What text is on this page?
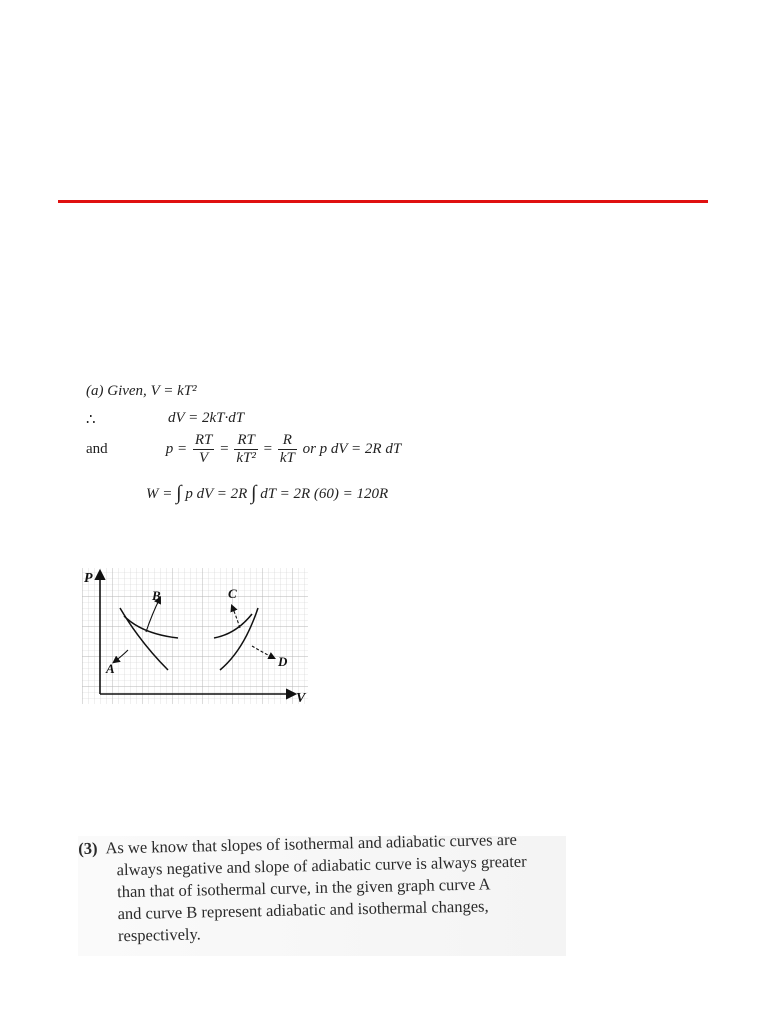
(a) Given, V = kT²
∴	dV = 2kT·dT
and	$p = \frac{RT}{V} = \frac{RT}{\text{kT²}} = \frac{R}{kT}$ or p dV = 2R dT
W = ∫ p dV = 2R ∫ dT = 2R (60) = 120R
P
V
A
B	C
D
(3) As we know that slopes of isothermal and adiabatic curves are
always negative and slope of adiabatic curve is always greater
than that of isothermal curve, in the given graph curve A
and curve B represent adiabatic and isothermal changes,
respectively.
